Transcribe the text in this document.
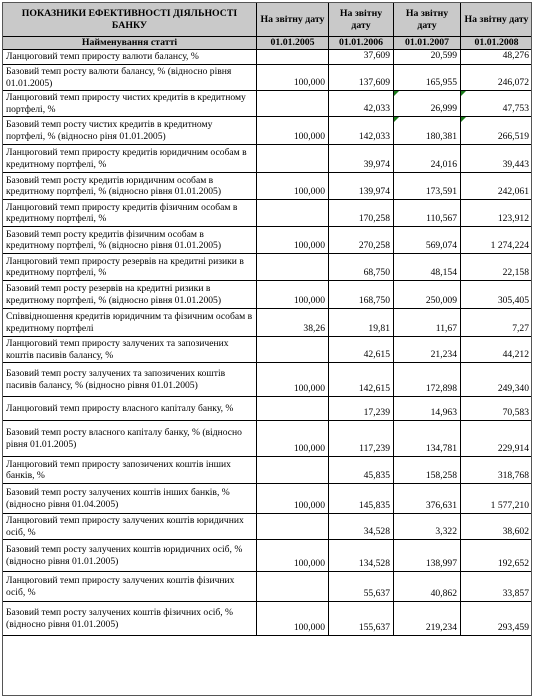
ПОКАЗНИКИ ЕФЕКТИВНОСТІ ДІЯЛЬНОСТІ БАНКУ	На звітну дату	На звітну дату	На звітну дату	На звітну дату
Найменування статті	01.01.2005	01.01.2006	01.01.2007	01.01.2008
Ланцюговий темп приросту валюти балансу, %		37,609	20,599	48,276
Базовий темп росту валюти балансу, % (відносно рівня 01.01.2005)	100,000	137,609	165,955	246,072
Ланцюговий темп приросту чистих кредитів в кредитному портфелі, %		42,033	26,999	47,753
Базовий темп росту чистих кредитів в кредитному портфелі, % (відносно ріня 01.01.2005)	100,000	142,033	180,381	266,519
Ланцюговий темп приросту кредитів юридичним особам в кредитному портфелі, %		39,974	24,016	39,443
Базовий темп росту кредитів юридичним особам в кредитному портфелі, % (відносно рівня 01.01.2005)	100,000	139,974	173,591	242,061
Ланцюговий темп приросту кредитів фізичним особам в кредитному портфелі, %		170,258	110,567	123,912
Базовий темп росту кредитів фізичним особам в кредитному портфелі, % (відносно рівня 01.01.2005)	100,000	270,258	569,074	1 274,224
Ланцюговий темп приросту резервів на кредитні ризики в кредитному портфелі, %		68,750	48,154	22,158
Базовий темп росту резервів на кредитні ризики в кредитному портфелі, % (відносно рівня 01.01.2005)	100,000	168,750	250,009	305,405
Співвідношення кредитів юридичним та фізичним особам в кредитному портфелі	38,26	19,81	11,67	7,27
Ланцюговий темп приросту залучених та запозичених коштів пасивів балансу, %		42,615	21,234	44,212
Базовий темп росту залучених та запозичених коштів пасивів балансу, % (відносно рівня 01.01.2005)	100,000	142,615	172,898	249,340
Ланцюговий темп приросту власного капіталу банку, %		17,239	14,963	70,583
Базовий темп росту власного капіталу банку, % (відносно рівня 01.01.2005)	100,000	117,239	134,781	229,914
Ланцюговий темп приросту запозичених коштів інших банків, %		45,835	158,258	318,768
Базовий темп росту залучених коштів інших банків, % (відносно рівня 01.04.2005)	100,000	145,835	376,631	1 577,210
Ланцюговий темп приросту залучених коштів юридичних осіб, %		34,528	3,322	38,602
Базовий темп росту залучених коштів юридичних осіб, % (відносно рівня 01.01.2005)	100,000	134,528	138,997	192,652
Ланцюговий темп приросту залучених коштів фізичних осіб, %		55,637	40,862	33,857
Базовий темп росту залучених коштів фізичних осіб, % (відносно рівня 01.01.2005)	100,000	155,637	219,234	293,459
